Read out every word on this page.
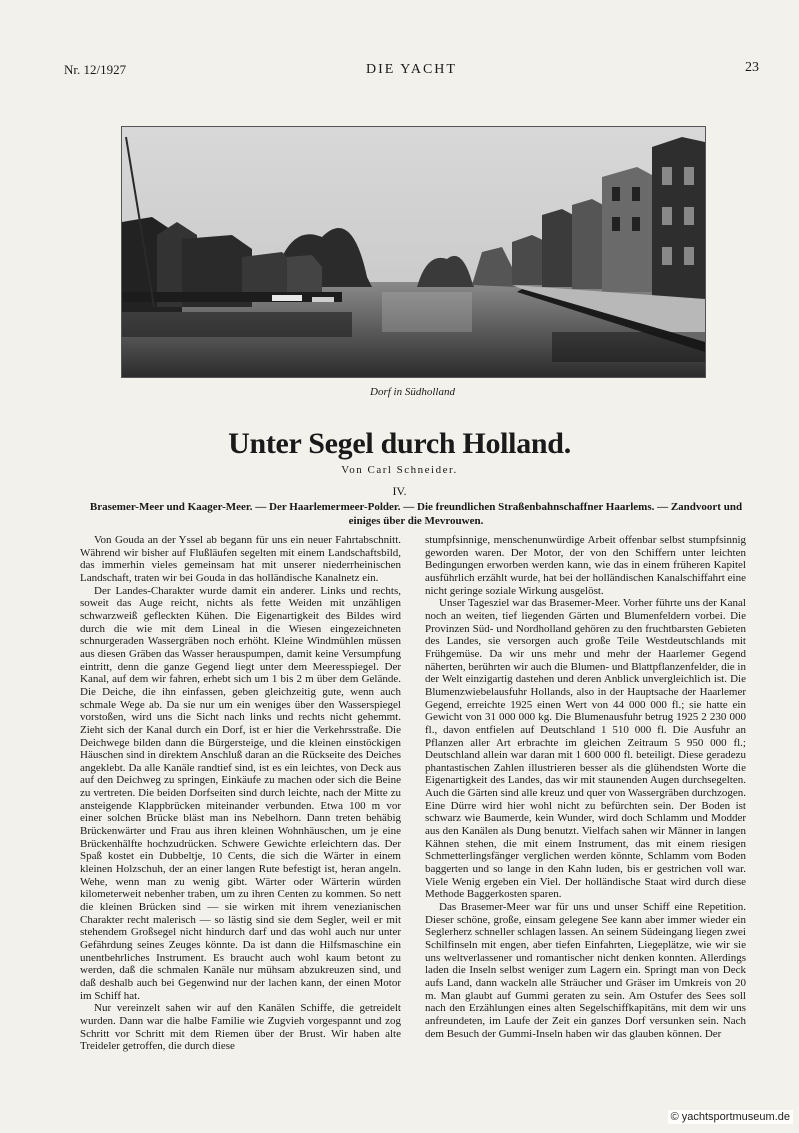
Nr. 12/1927	DIE YACHT	23
Dorf in Südholland
Unter Segel durch Holland.
Von Carl Schneider.
IV.
Brasemer-Meer und Kaager-Meer. — Der Haarlemermeer-Polder. — Die freundlichen Straßenbahnschaffner Haarlems. — Zandvoort und einiges über die Mevrouwen.

Von Gouda an der Yssel ab begann für uns ein neuer Fahrtabschnitt. Während wir bisher auf Flußläufen segelten mit einem Landschaftsbild, das immerhin vieles gemeinsam hat mit unserer niederrheinischen Landschaft, traten wir bei Gouda in das holländische Kanalnetz ein.

Der Landes-Charakter wurde damit ein anderer. Links und rechts, soweit das Auge reicht, nichts als fette Weiden mit unzähligen schwarzweiß gefleckten Kühen. Die Eigenartigkeit des Bildes wird durch die wie mit dem Lineal in die Wiesen eingezeichneten schnurgeraden Wassergräben noch erhöht. Kleine Windmühlen müssen aus diesen Gräben das Wasser herauspumpen, damit keine Versumpfung eintritt, denn die ganze Gegend liegt unter dem Meeresspiegel. Der Kanal, auf dem wir fahren, erhebt sich um 1 bis 2 m über dem Gelände. Die Deiche, die ihn einfassen, geben gleichzeitig gute, wenn auch schmale Wege ab. Da sie nur um ein weniges über den Wasserspiegel vorstoßen, wird uns die Sicht nach links und rechts nicht gehemmt. Zieht sich der Kanal durch ein Dorf, ist er hier die Verkehrsstraße. Die Deichwege bilden dann die Bürgersteige, und die kleinen einstöckigen Häuschen sind in direktem Anschluß daran an die Rückseite des Deiches angeklebt. Da alle Kanäle randtief sind, ist es ein leichtes, von Deck aus auf den Deichweg zu springen, Einkäufe zu machen oder sich die Beine zu vertreten. Die beiden Dorfseiten sind durch leichte, nach der Mitte zu ansteigende Klappbrücken miteinander verbunden. Etwa 100 m vor einer solchen Brücke bläst man ins Nebelhorn. Dann treten behäbig Brückenwärter und Frau aus ihren kleinen Wohnhäuschen, um je eine Brückenhälfte hochzudrücken. Schwere Gewichte erleichtern das. Der Spaß kostet ein Dubbeltje, 10 Cents, die sich die Wärter in einem kleinen Holzschuh, der an einer langen Rute befestigt ist, heran angeln. Wehe, wenn man zu wenig gibt. Wärter oder Wärterin würden kilometerweit nebenher traben, um zu ihren Centen zu kommen. So nett die kleinen Brücken sind — sie wirken mit ihrem venezianischen Charakter recht malerisch — so lästig sind sie dem Segler, weil er mit stehendem Großsegel nicht hindurch darf und das wohl auch nur unter Gefährdung seines Zeuges könnte. Da ist dann die Hilfsmaschine ein unentbehrliches Instrument. Es braucht auch wohl kaum betont zu werden, daß die schmalen Kanäle nur mühsam abzukreuzen sind, und daß deshalb auch bei Gegenwind nur der lachen kann, der einen Motor im Schiff hat.

Nur vereinzelt sahen wir auf den Kanälen Schiffe, die getreidelt wurden. Dann war die halbe Familie wie Zugvieh vorgespannt und zog Schritt vor Schritt mit dem Riemen über der Brust. Wir haben alte Treideler getroffen, die durch diese

stumpfsinnige, menschenunwürdige Arbeit offenbar selbst stumpfsinnig geworden waren. Der Motor, der von den Schiffern unter leichten Bedingungen erworben werden kann, wie das in einem früheren Kapitel ausführlich erzählt wurde, hat bei der holländischen Kanalschiffahrt eine nicht geringe soziale Wirkung ausgelöst.

Unser Tagesziel war das Brasemer-Meer. Vorher führte uns der Kanal noch an weiten, tief liegenden Gärten und Blumenfeldern vorbei. Die Provinzen Süd- und Nordholland gehören zu den fruchtbarsten Gebieten des Landes, sie versorgen auch große Teile Westdeutschlands mit Frühgemüse. Da wir uns mehr und mehr der Haarlemer Gegend näherten, berührten wir auch die Blumen- und Blattpflanzenfelder, die in der Welt einzigartig dastehen und deren Anblick unvergleichlich ist. Die Blumenzwiebelausfuhr Hollands, also in der Hauptsache der Haarlemer Gegend, erreichte 1925 einen Wert von 44 000 000 fl.; sie hatte ein Gewicht von 31 000 000 kg. Die Blumenausfuhr betrug 1925 2 230 000 fl., davon entfielen auf Deutschland 1 510 000 fl. Die Ausfuhr an Pflanzen aller Art erbrachte im gleichen Zeitraum 5 950 000 fl.; Deutschland allein war daran mit 1 600 000 fl. beteiligt. Diese geradezu phantastischen Zahlen illustrieren besser als die glühendsten Worte die Eigenartigkeit des Landes, das wir mit staunenden Augen durchsegelten. Auch die Gärten sind alle kreuz und quer von Wassergräben durchzogen. Eine Dürre wird hier wohl nicht zu befürchten sein. Der Boden ist schwarz wie Baumerde, kein Wunder, wird doch Schlamm und Modder aus den Kanälen als Dung benutzt. Vielfach sahen wir Männer in langen Kähnen stehen, die mit einem Instrument, das mit einem riesigen Schmetterlingsfänger verglichen werden könnte, Schlamm vom Boden baggerten und so lange in den Kahn luden, bis er gestrichen voll war. Viele Wenig ergeben ein Viel. Der holländische Staat wird durch diese Methode Baggerkosten sparen.

Das Brasemer-Meer war für uns und unser Schiff eine Repetition. Dieser schöne, große, einsam gelegene See kann aber immer wieder ein Seglerherz schneller schlagen lassen. An seinem Südeingang liegen zwei Schilfinseln mit engen, aber tiefen Einfahrten, Liegeplätze, wie wir sie uns weltverlassener und romantischer nicht denken konnten. Allerdings laden die Inseln selbst weniger zum Lagern ein. Springt man von Deck aufs Land, dann wackeln alle Sträucher und Gräser im Umkreis von 20 m. Man glaubt auf Gummi geraten zu sein. Am Ostufer des Sees soll nach den Erzählungen eines alten Segelschiffkapitäns, mit dem wir uns anfreundeten, im Laufe der Zeit ein ganzes Dorf versunken sein. Nach dem Besuch der Gummi-Inseln haben wir das glauben können. Der

© yachtsportmuseum.de
